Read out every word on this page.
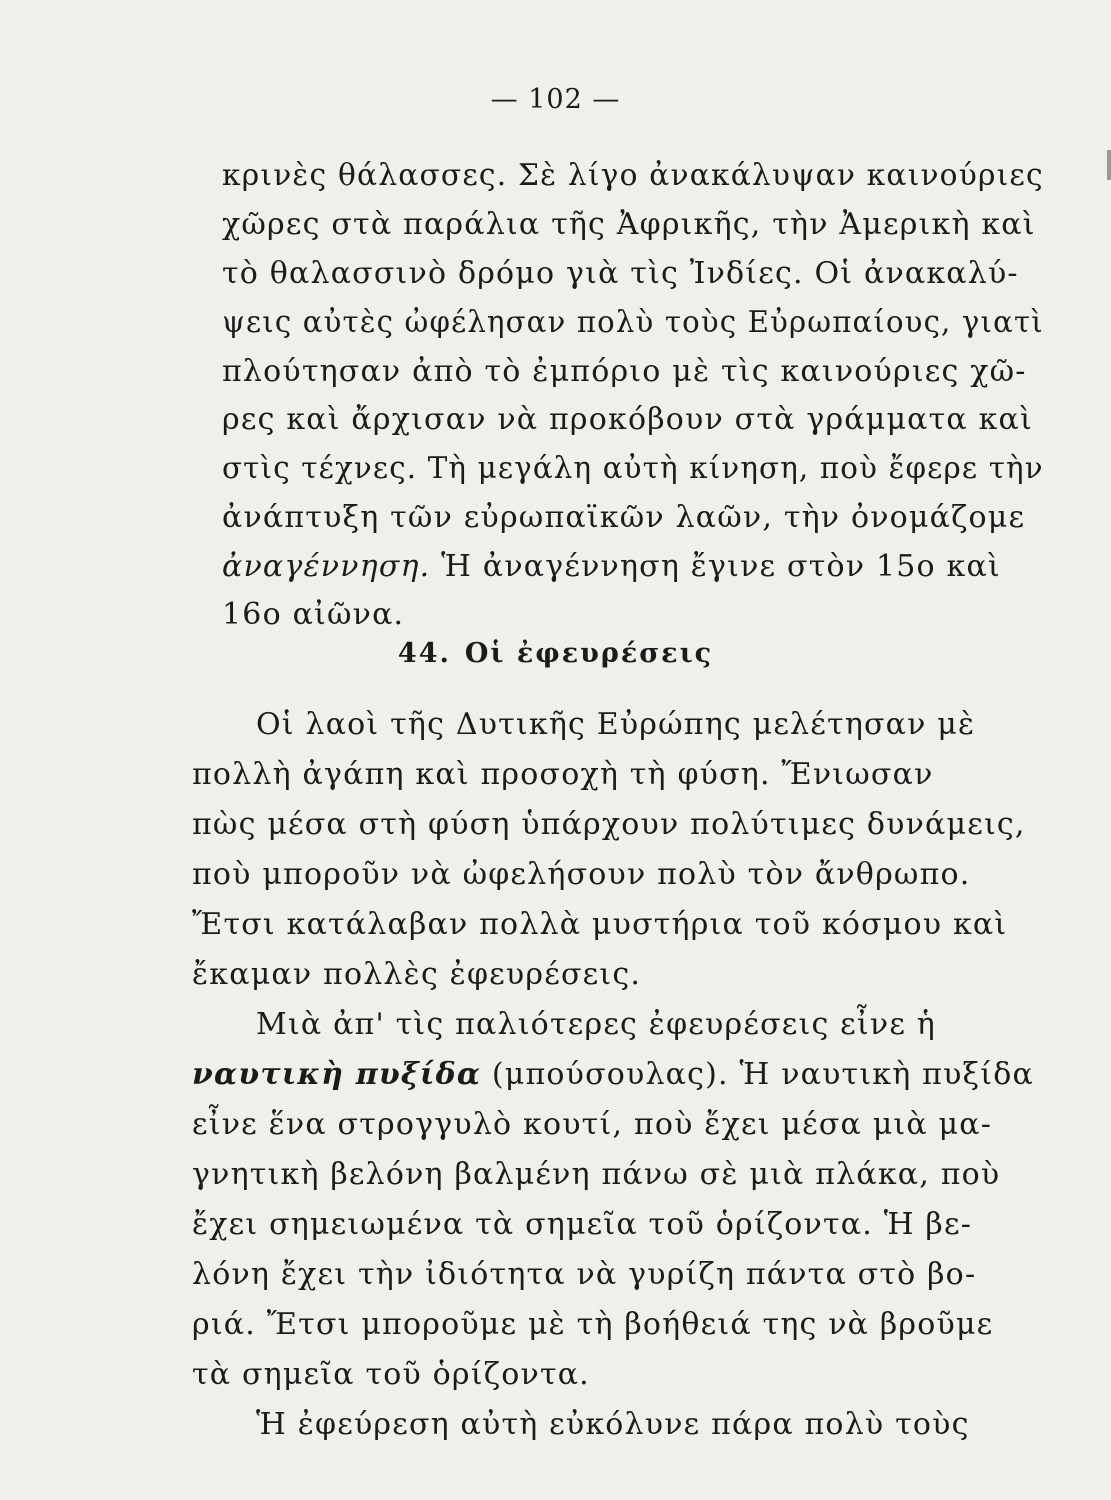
— 102 —
κρινὲς θάλασσες. Σὲ λίγο ἀνακάλυψαν καινούριες
χῶρες στὰ παράλια τῆς Ἀφρικῆς, τὴν Ἀμερικὴ καὶ
τὸ θαλασσινὸ δρόμο γιὰ τὶς Ἰνδίες. Οἱ ἀνακαλύ-
ψεις αὐτὲς ὠφέλησαν πολὺ τοὺς Εὐρωπαίους, γιατὶ
πλούτησαν ἀπὸ τὸ ἐμπόριο μὲ τὶς καινούριες χῶ-
ρες καὶ ἄρχισαν νὰ προκόβουν στὰ γράμματα καὶ
στὶς τέχνες. Τὴ μεγάλη αὐτὴ κίνηση, ποὺ ἔφερε τὴν
ἀνάπτυξη τῶν εὐρωπαϊκῶν λαῶν, τὴν ὀνομάζομε
ἀναγέννηση. Ἡ ἀναγέννηση ἔγινε στὸν 15ο καὶ
16ο αἰῶνα.
44. Οἱ ἐφευρέσεις
Οἱ λαοὶ τῆς Δυτικῆς Εὐρώπης μελέτησαν μὲ
πολλὴ ἀγάπη καὶ προσοχὴ τὴ φύση. Ἔνιωσαν
πὼς μέσα στὴ φύση ὑπάρχουν πολύτιμες δυνάμεις,
ποὺ μποροῦν νὰ ὠφελήσουν πολὺ τὸν ἄνθρωπο.
Ἔτσι κατάλαβαν πολλὰ μυστήρια τοῦ κόσμου καὶ
ἔκαμαν πολλὲς ἐφευρέσεις.
Μιὰ ἀπ' τὶς παλιότερες ἐφευρέσεις εἶνε ἡ
ναυτικὴ πυξίδα (μπούσουλας). Ἡ ναυτικὴ πυξίδα
εἶνε ἕνα στρογγυλὸ κουτί, ποὺ ἔχει μέσα μιὰ μα-
γνητικὴ βελόνη βαλμένη πάνω σὲ μιὰ πλάκα, ποὺ
ἔχει σημειωμένα τὰ σημεῖα τοῦ ὁρίζοντα. Ἡ βε-
λόνη ἔχει τὴν ἰδιότητα νὰ γυρίζη πάντα στὸ βο-
ριά. Ἔτσι μποροῦμε μὲ τὴ βοήθειά της νὰ βροῦμε
τὰ σημεῖα τοῦ ὁρίζοντα.
Ἡ ἐφεύρεση αὐτὴ εὐκόλυνε πάρα πολὺ τοὺς
